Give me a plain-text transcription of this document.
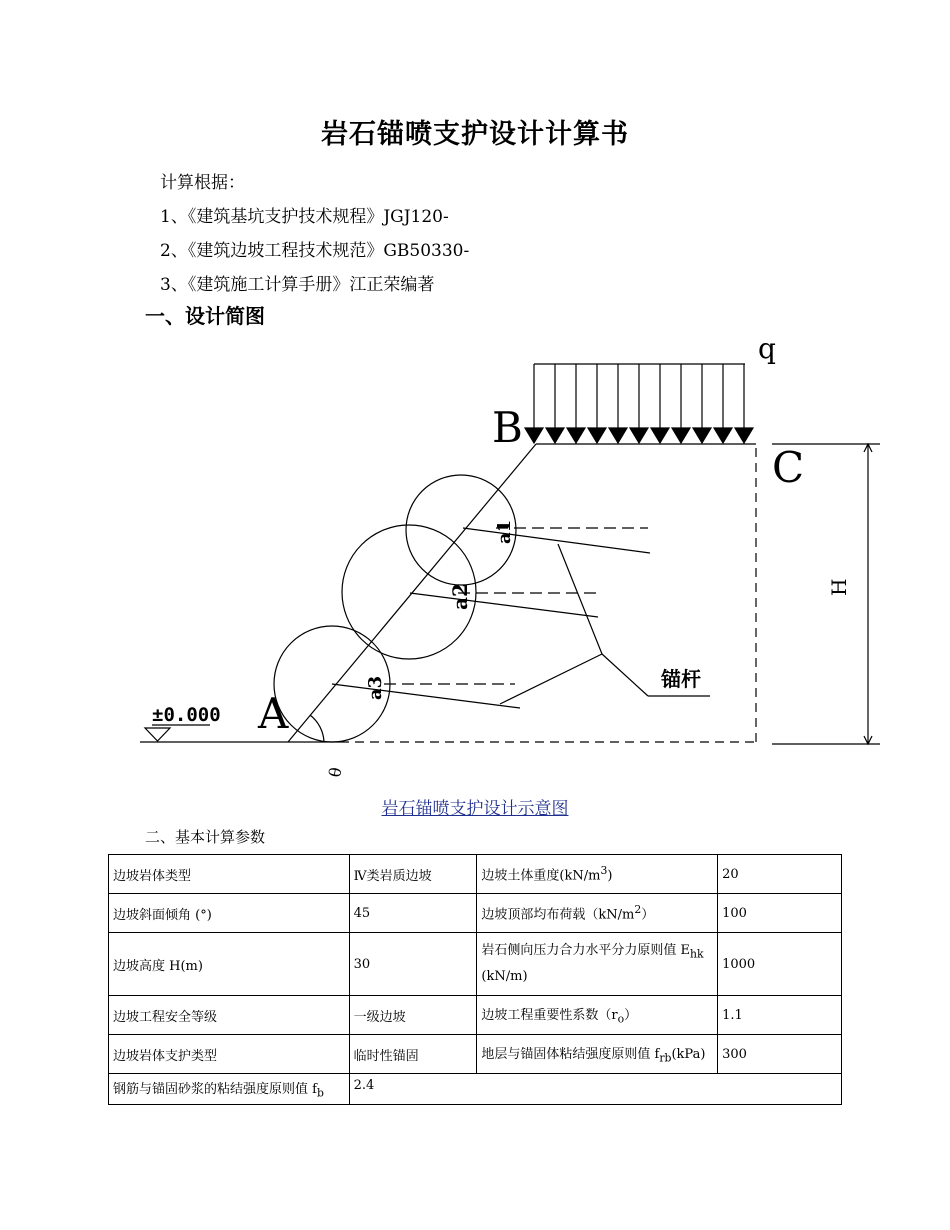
岩石锚喷支护设计计算书
计算根据：
1、《建筑基坑支护技术规程》JGJ120-
2、《建筑边坡工程技术规范》GB50330-
3、《建筑施工计算手册》江正荣编著
一、设计简图
q
B
C
A
H
θ
a1
a2
a3
±0.000
锚杆
岩石锚喷支护设计示意图
二、基本计算参数
边坡岩体类型	Ⅳ类岩质边坡	边坡土体重度$(kN/m^3)$	20
边坡斜面倾角 (°)	45	边坡顶部均布荷载$(kN/m^2)$	100
边坡高度 H(m)	30	岩石侧向压力合力水平分力原则值 $E_{hk}$
(kN/m)	1000
边坡工程安全等级	一级边坡	边坡工程重要性系数$(r_o)$	1.1
边坡岩体支护类型	临时性锚固	地层与锚固体粘结强度原则值 $f_{rb}(kPa)$	300
钢筋与锚固砂浆的粘结强度原则值 $f_b$	2.4		
